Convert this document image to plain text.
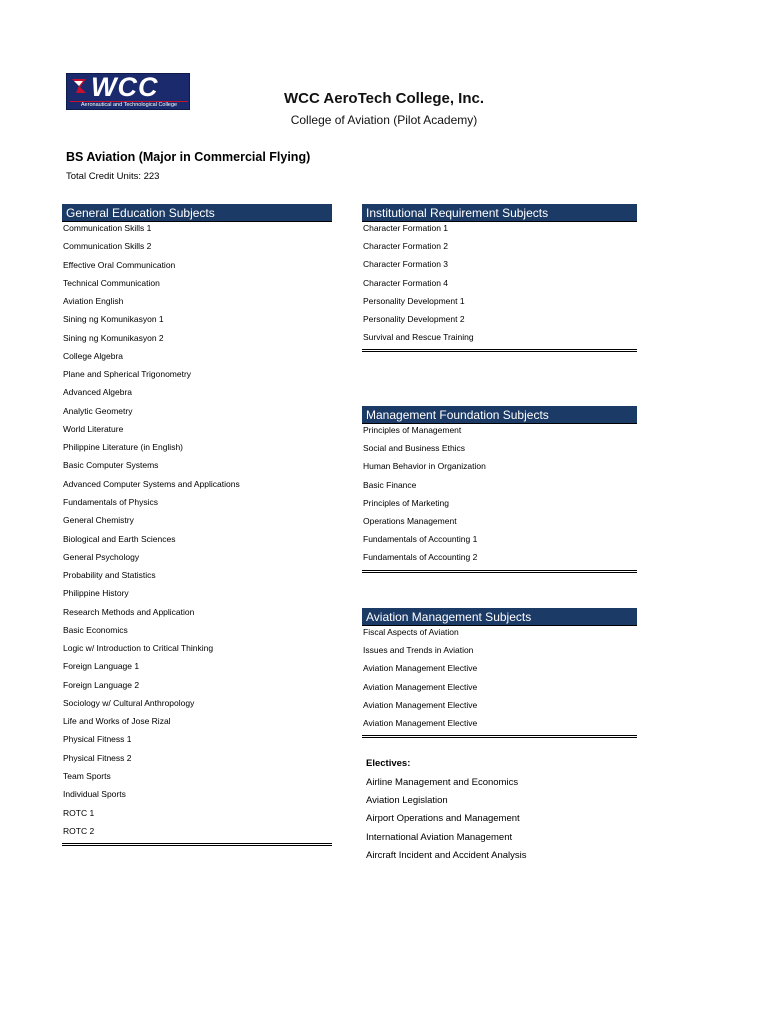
WCC
Aeronautical and Technological College	WCC AeroTech College, Inc.
College of Aviation (Pilot Academy)
BS Aviation (Major in Commercial Flying)
Total Credit Units: 223
General Education Subjects
Communication Skills 1
Communication Skills 2
Effective Oral Communication
Technical Communication
Aviation English
Sining ng Komunikasyon 1
Sining ng Komunikasyon 2
College Algebra
Plane and Spherical Trigonometry
Advanced Algebra
Analytic Geometry
World Literature
Philippine Literature (in English)
Basic Computer Systems
Advanced Computer Systems and Applications
Fundamentals of Physics
General Chemistry
Biological and Earth Sciences
General Psychology
Probability and Statistics
Philippine History
Research Methods and Application
Basic Economics
Logic w/ Introduction to Critical Thinking
Foreign Language 1
Foreign Language 2
Sociology w/ Cultural Anthropology
Life and Works of Jose Rizal
Physical Fitness 1
Physical Fitness 2
Team Sports
Individual Sports
ROTC 1
ROTC 2
Institutional Requirement Subjects
Character Formation 1
Character Formation 2
Character Formation 3
Character Formation 4
Personality Development 1
Personality Development 2
Survival and Rescue Training
Management Foundation Subjects
Principles of Management
Social and Business Ethics
Human Behavior in Organization
Basic Finance
Principles of Marketing
Operations Management
Fundamentals of Accounting 1
Fundamentals of Accounting 2
Aviation Management Subjects
Fiscal Aspects of Aviation
Issues and Trends in Aviation
Aviation Management Elective
Aviation Management Elective
Aviation Management Elective
Aviation Management Elective
Electives:
Airline Management and Economics
Aviation Legislation
Airport Operations and Management
International Aviation Management
Aircraft Incident and Accident Analysis
